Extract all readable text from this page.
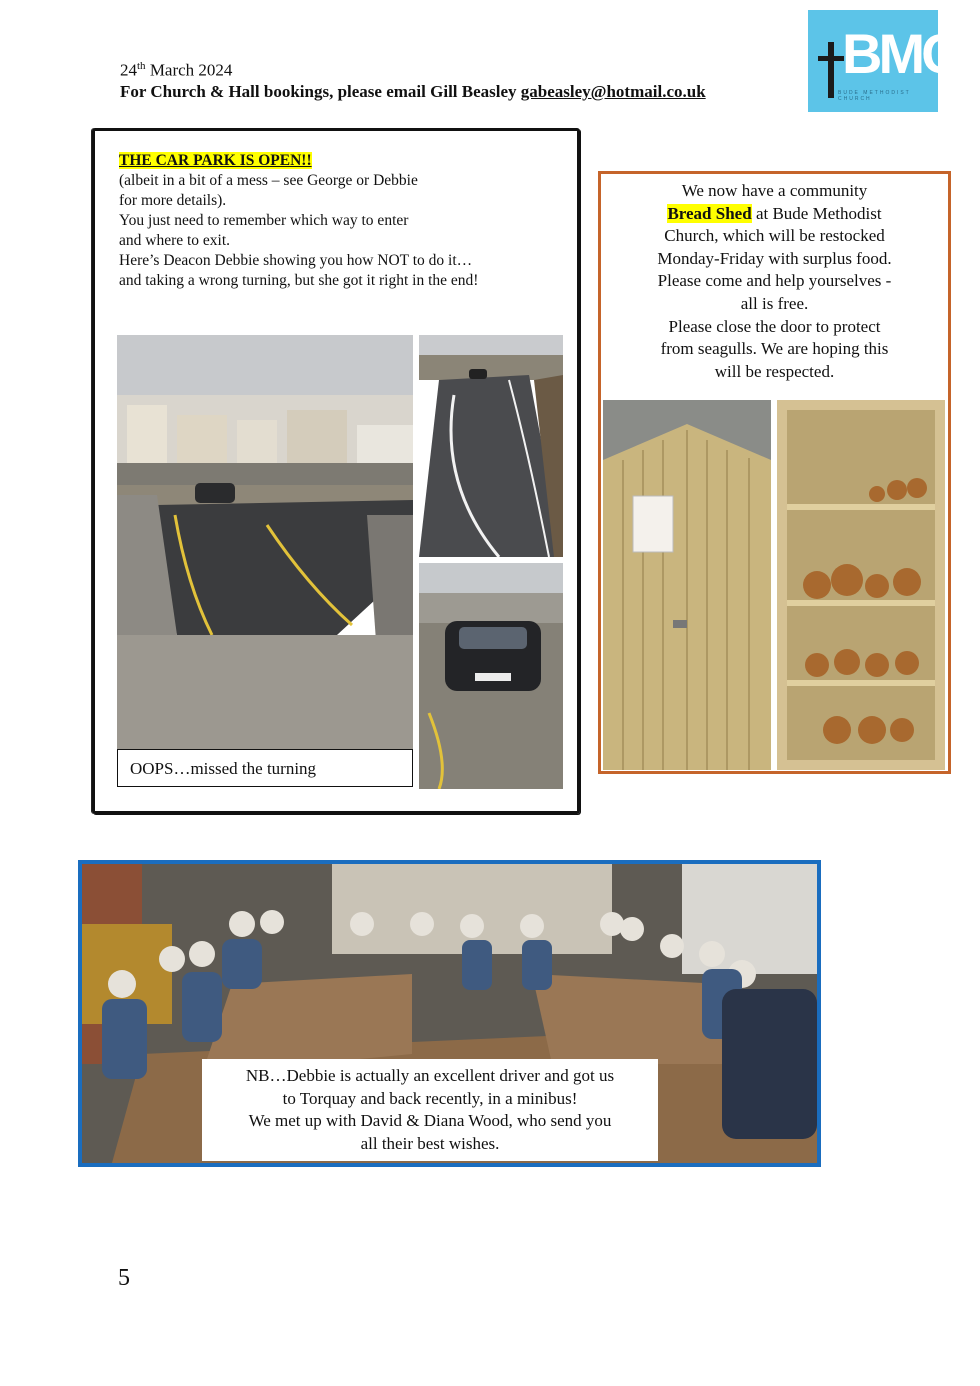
24th March 2024
For Church & Hall bookings, please email Gill Beasley gabeasley@hotmail.co.uk
BMC
BUDE METHODIST CHURCH
THE CAR PARK IS OPEN!!
(albeit in a bit of a mess – see George or Debbie
for more details).
You just need to remember which way to enter
and where to exit.
Here’s Deacon Debbie showing you how NOT to do it…
and taking a wrong turning, but she got it right in the end!
OOPS…missed the turning
We now have a community
Bread Shed at Bude Methodist
Church, which will be restocked
Monday-Friday with surplus food.
Please come and help yourselves -
all is free.
Please close the door to protect
from seagulls. We are hoping this
will be respected.
NB…Debbie is actually an excellent driver and got us
to Torquay and back recently, in a minibus!
We met up with David & Diana Wood, who send you
all their best wishes.
5
